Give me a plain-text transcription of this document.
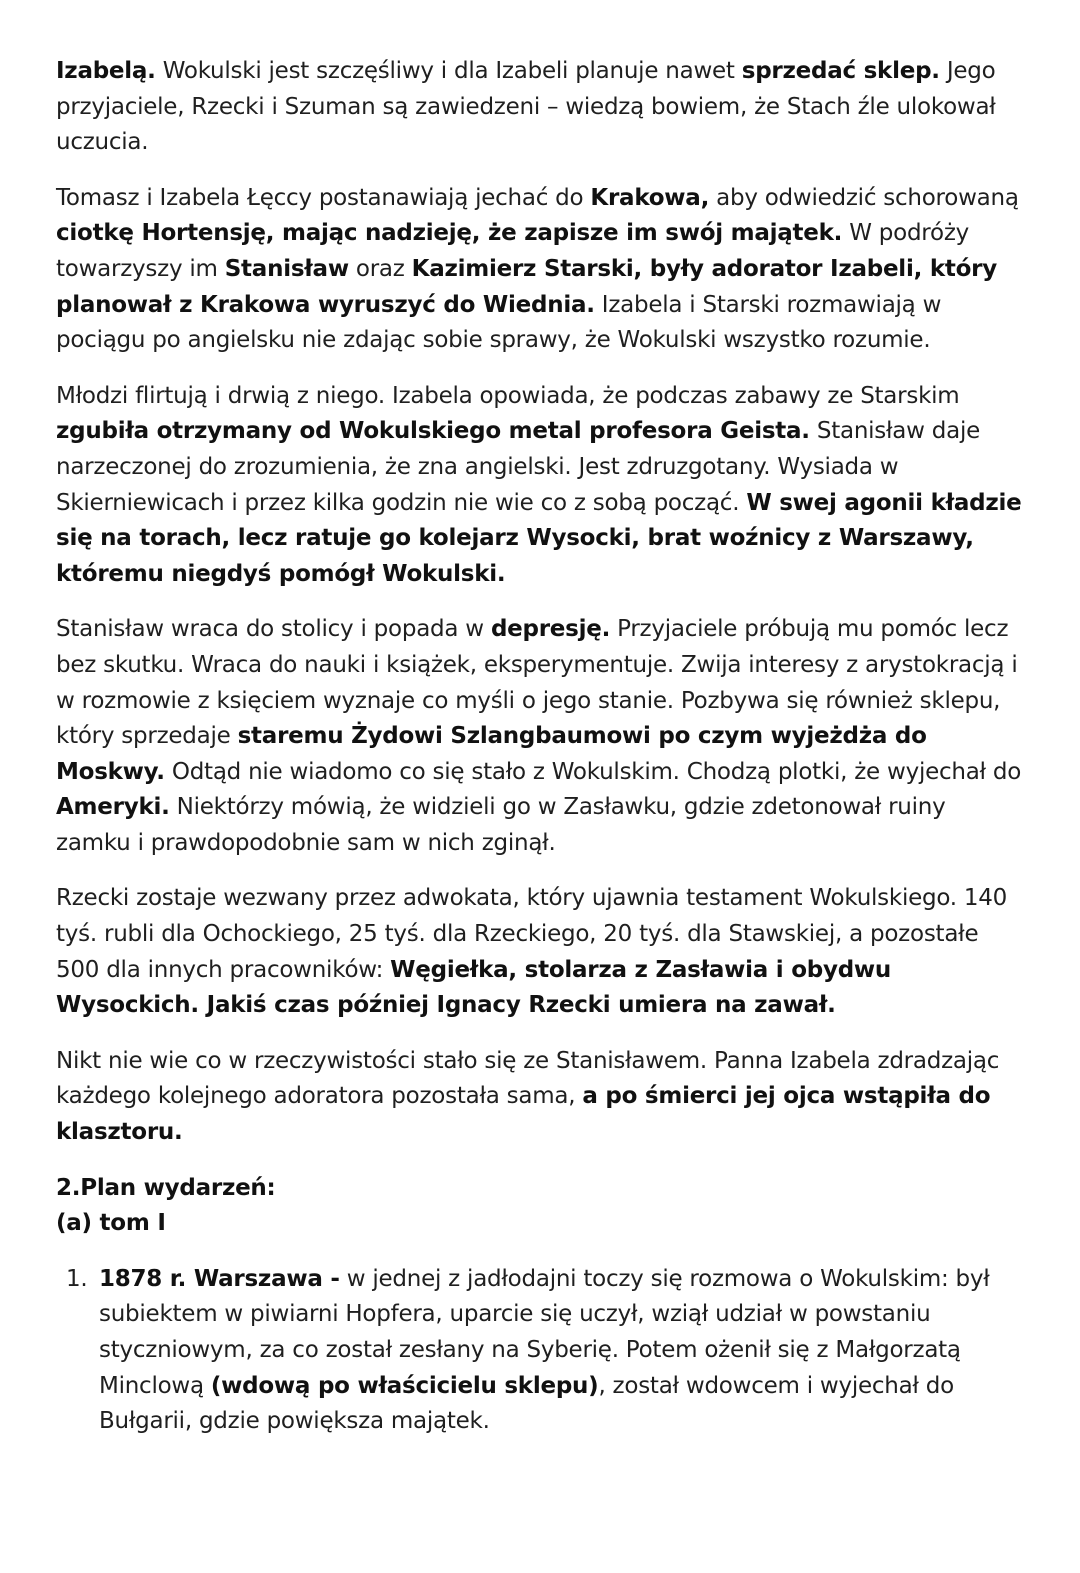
Izabelą. Wokulski jest szczęśliwy i dla Izabeli planuje nawet sprzedać sklep. Jego przyjaciele, Rzecki i Szuman są zawiedzeni – wiedzą bowiem, że Stach źle ulokował uczucia.

Tomasz i Izabela Łęccy postanawiają jechać do Krakowa, aby odwiedzić schorowaną ciotkę Hortensję, mając nadzieję, że zapisze im swój majątek. W podróży towarzyszy im Stanisław oraz Kazimierz Starski, były adorator Izabeli, który planował z Krakowa wyruszyć do Wiednia. Izabela i Starski rozmawiają w pociągu po angielsku nie zdając sobie sprawy, że Wokulski wszystko rozumie.

Młodzi flirtują i drwią z niego. Izabela opowiada, że podczas zabawy ze Starskim zgubiła otrzymany od Wokulskiego metal profesora Geista. Stanisław daje narzeczonej do zrozumienia, że zna angielski. Jest zdruzgotany. Wysiada w Skierniewicach i przez kilka godzin nie wie co z sobą począć. W swej agonii kładzie się na torach, lecz ratuje go kolejarz Wysocki, brat woźnicy z Warszawy, któremu niegdyś pomógł Wokulski.

Stanisław wraca do stolicy i popada w depresję. Przyjaciele próbują mu pomóc lecz bez skutku. Wraca do nauki i książek, eksperymentuje. Zwija interesy z arystokracją i w rozmowie z księciem wyznaje co myśli o jego stanie. Pozbywa się również sklepu, który sprzedaje staremu Żydowi Szlangbaumowi po czym wyjeżdża do Moskwy. Odtąd nie wiadomo co się stało z Wokulskim. Chodzą plotki, że wyjechał do Ameryki. Niektórzy mówią, że widzieli go w Zasławku, gdzie zdetonował ruiny zamku i prawdopodobnie sam w nich zginął.

Rzecki zostaje wezwany przez adwokata, który ujawnia testament Wokulskiego. 140 tyś. rubli dla Ochockiego, 25 tyś. dla Rzeckiego, 20 tyś. dla Stawskiej, a pozostałe 500 dla innych pracowników: Węgiełka, stolarza z Zasławia i obydwu Wysockich. Jakiś czas później Ignacy Rzecki umiera na zawał.

Nikt nie wie co w rzeczywistości stało się ze Stanisławem. Panna Izabela zdradzając każdego kolejnego adoratora pozostała sama, a po śmierci jej ojca wstąpiła do klasztoru.

2.Plan wydarzeń:
(a) tom I
1. 1878 r. Warszawa - w jednej z jadłodajni toczy się rozmowa o Wokulskim: był subiektem w piwiarni Hopfera, uparcie się uczył, wziął udział w powstaniu styczniowym, za co został zesłany na Syberię. Potem ożenił się z Małgorzatą Minclową (wdową po właścicielu sklepu), został wdowcem i wyjechał do Bułgarii, gdzie powiększa majątek.
